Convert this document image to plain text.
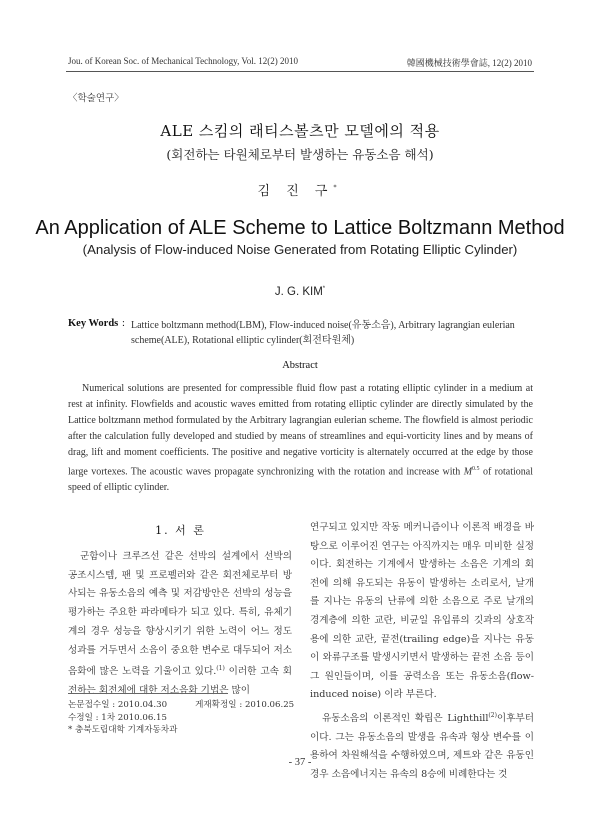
Jou. of Korean Soc. of Mechanical Technology, Vol. 12(2) 2010	韓國機械技術學會誌, 12(2) 2010
〈학술연구〉
ALE 스킴의 래티스볼츠만 모델에의 적용
(회전하는 타원체로부터 발생하는 유동소음 해석)
김 진 구*
An Application of ALE Scheme to Lattice Boltzmann Method
(Analysis of Flow-induced Noise Generated from Rotating Elliptic Cylinder)
J. G. KIM*
Key Words : Lattice boltzmann method(LBM), Flow-induced noise(유동소음), Arbitrary lagrangian eulerian scheme(ALE), Rotational elliptic cylinder(회전타원체)
Abstract
Numerical solutions are presented for compressible fluid flow past a rotating elliptic cylinder in a medium at rest at infinity. Flowfields and acoustic waves emitted from rotating elliptic cylinder are directly simulated by the Lattice boltzmann method formulated by the Arbitrary lagrangian eulerian scheme. The flowfield is almost periodic after the calculation fully developed and studied by means of streamlines and equi-vorticity lines and by means of drag, lift and moment coefficients. The positive and negative vorticity is alternately occurred at the edge by those large vortexes. The acoustic waves propagate synchronizing with the rotation and increase with $M^{0.5}$ of rotational speed of elliptic cylinder.
1. 서 론
군함이나 크루즈선 같은 선박의 설계에서 선박의 공조시스템, 팬 및 프로펠러와 같은 회전체로부터 방사되는 유동소음의 예측 및 저감방안은 선박의 성능을 평가하는 주요한 파라메타가 되고 있다. 특히, 유체기계의 경우 성능을 향상시키기 위한 노력이 어느 정도 성과를 거두면서 소음이 중요한 변수로 대두되어 저소음화에 많은 노력을 기울이고 있다.$^{(1)}$ 이러한 고속 회전하는 회전체에 대한 저소음화 기법은 많이

연구되고 있지만 작동 메커니즘이나 이론적 배경을 바탕으로 이루어진 연구는 아직까지는 매우 미비한 실정이다. 회전하는 기계에서 발생하는 소음은 기계의 회전에 의해 유도되는 유동이 발생하는 소리로서, 날개를 지나는 유동의 난류에 의한 소음으로 주로 날개의 경계층에 의한 교란, 비균일 유입류의 깃과의 상호작용에 의한 교란, 끝전(trailing edge)을 지나는 유동이 와류구조를 발생시키면서 발생하는 끝전 소음 등이 그 원인들이며, 이를 공력소음 또는 유동소음(flow-induced noise) 이라 부른다.

유동소음의 이론적인 확립은 Lighthill$^{(2)}$이후부터이다. 그는 유동소음의 발생을 유속과 형상 변수를 이용하여 차원해석을 수행하였으며, 제트와 같은 유동인 경우 소음에너지는 유속의 8승에 비례한다는 것

논문접수일 : 2010.04.30	게재확정일 : 2010.06.25
수정일 : 1차 2010.06.15
* 충북도립대학 기계자동차과
- 37 -
